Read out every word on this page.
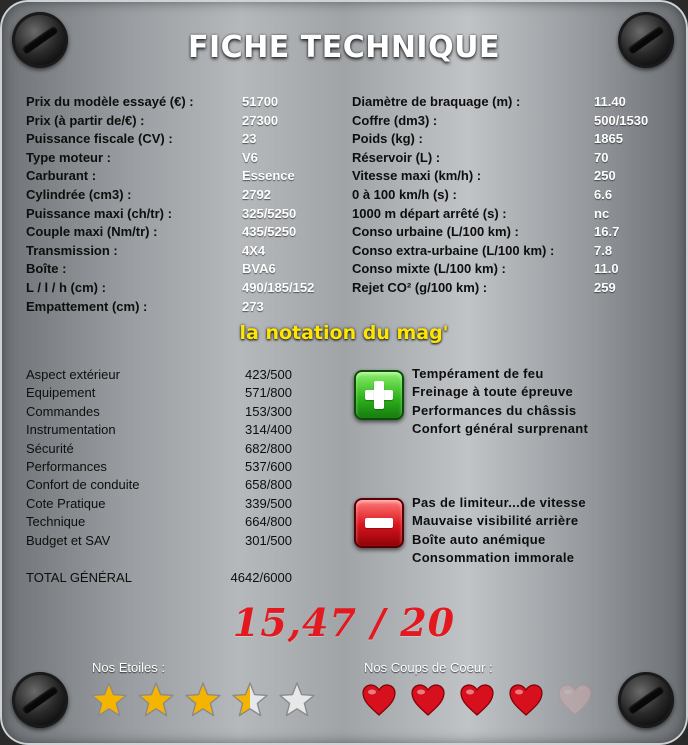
FICHE TECHNIQUE
Prix du modèle essayé (€) :	51700
Prix (à partir de/€) :	27300
Puissance fiscale (CV) :	23
Type moteur :	V6
Carburant :	Essence
Cylindrée (cm3) :	2792
Puissance maxi (ch/tr) :	325/5250
Couple maxi (Nm/tr) :	435/5250
Transmission :	4X4
Boîte :	BVA6
L / l / h (cm) :	490/185/152
Empattement (cm) :	273
Diamètre de braquage (m) :	11.40
Coffre (dm3) :	500/1530
Poids (kg) :	1865
Réservoir (L) :	70
Vitesse maxi (km/h) :	250
0 à 100 km/h (s) :	6.6
1000 m départ arrêté (s) :	nc
Conso urbaine (L/100 km) :	16.7
Conso extra-urbaine (L/100 km) :	7.8
Conso mixte (L/100 km) :	11.0
Rejet CO² (g/100 km) :	259
la notation du mag'
Aspect extérieur	423/500
Equipement	571/800
Commandes	153/300
Instrumentation	314/400
Sécurité	682/800
Performances	537/600
Confort de conduite	658/800
Cote Pratique	339/500
Technique	664/800
Budget et SAV	301/500
TOTAL GÉNÉRAL	4642/6000
Tempérament de feu
Freinage à toute épreuve
Performances du châssis
Confort général surprenant
Pas de limiteur...de vitesse
Mauvaise visibilité arrière
Boîte auto anémique
Consommation immorale
15,47 / 20
Nos Etoiles :	Nos Coups de Coeur :
